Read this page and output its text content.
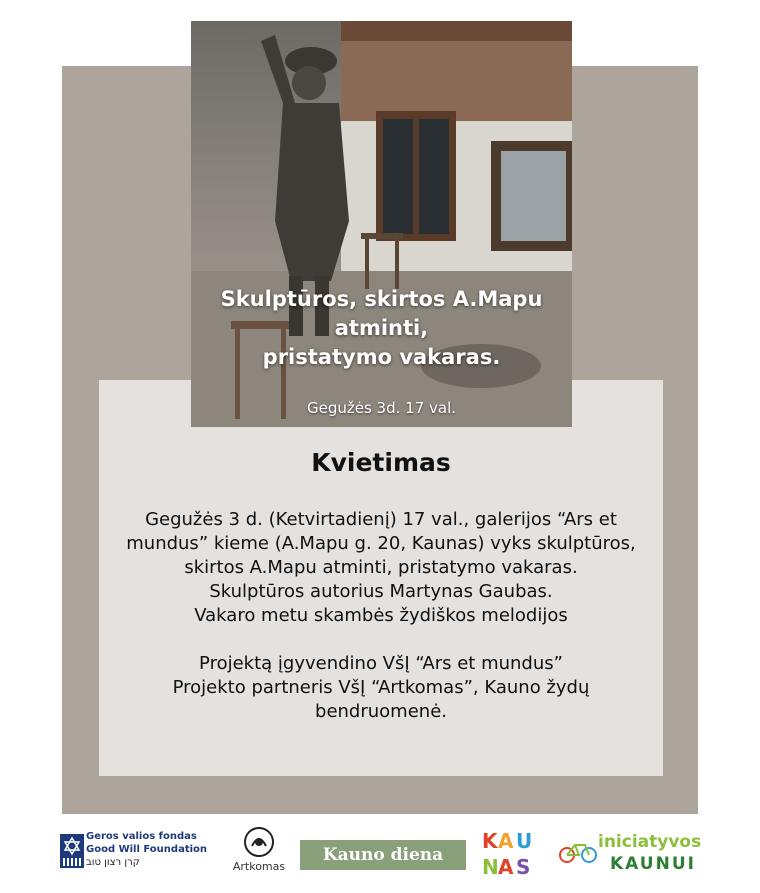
Skulptūros, skirtos A.Mapu
atminti,
pristatymo vakaras.
Gegužės 3d. 17 val.
Kvietimas
Gegužės 3 d. (Ketvirtadienį) 17 val., galerijos “Ars et
mundus” kieme (A.Mapu g. 20, Kaunas) vyks skulptūros,
skirtos A.Mapu atminti, pristatymo vakaras.
Skulptūros autorius Martynas Gaubas.
Vakaro metu skambės žydiškos melodijos
Projektą įgyvendino VšĮ “Ars et mundus”
Projekto partneris VšĮ “Artkomas”, Kauno žydų
bendruomenė.
Geros valios fondas
Good Will Foundation
קרן רצון טוב	Artkomas
Kauno diena
K A U
N A S
iniciatyvos
KAUNUI
